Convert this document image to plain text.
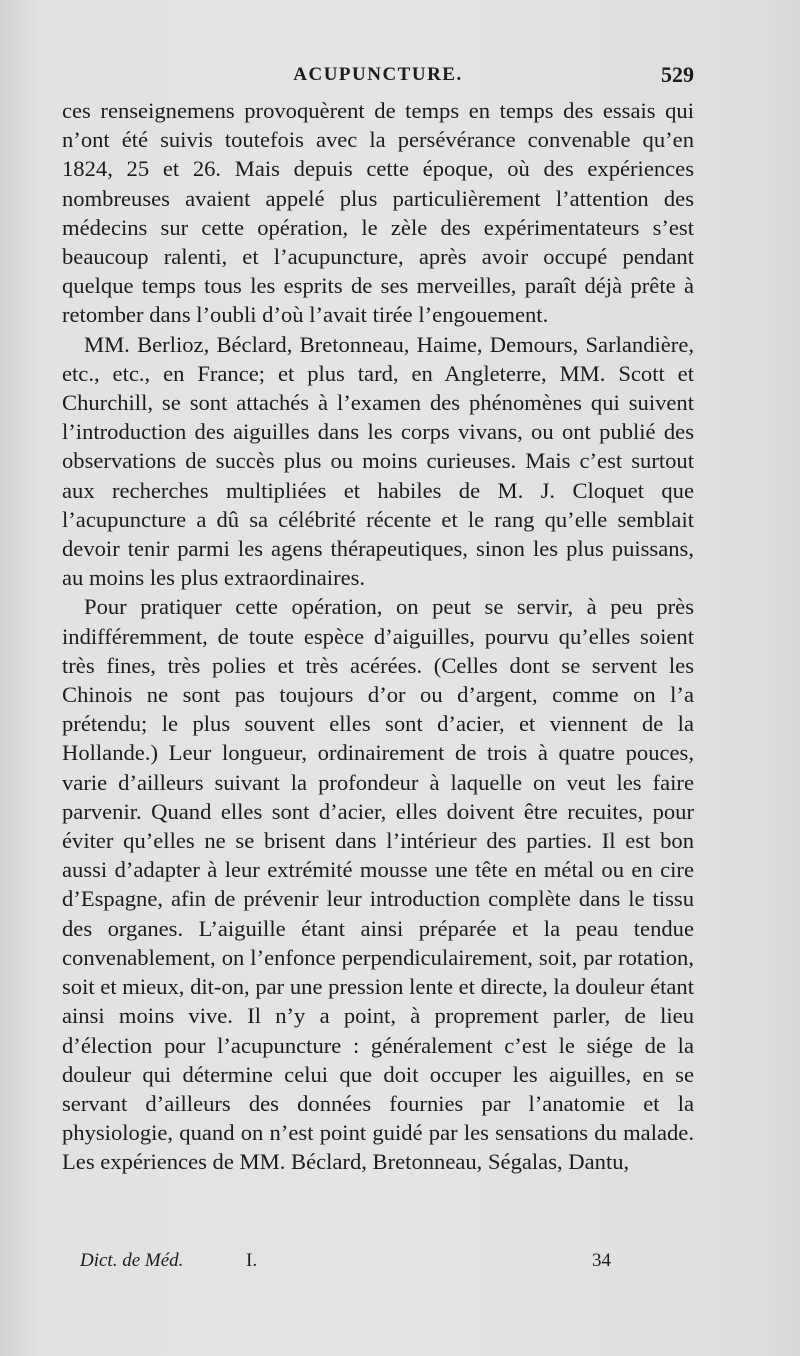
ACUPUNCTURE.	529

ces renseignemens provoquèrent de temps en temps des essais qui n’ont été suivis toutefois avec la persévérance convenable qu’en 1824, 25 et 26. Mais depuis cette époque, où des expériences nombreuses avaient appelé plus particulièrement l’attention des médecins sur cette opération, le zèle des expérimentateurs s’est beaucoup ralenti, et l’acupuncture, après avoir occupé pendant quelque temps tous les esprits de ses merveilles, paraît déjà prête à retomber dans l’oubli d’où l’avait tirée l’engouement.

MM. Berlioz, Béclard, Bretonneau, Haime, Demours, Sarlandière, etc., etc., en France; et plus tard, en Angleterre, MM. Scott et Churchill, se sont attachés à l’examen des phénomènes qui suivent l’introduction des aiguilles dans les corps vivans, ou ont publié des observations de succès plus ou moins curieuses. Mais c’est surtout aux recherches multipliées et habiles de M. J. Cloquet que l’acupuncture a dû sa célébrité récente et le rang qu’elle semblait devoir tenir parmi les agens thérapeutiques, sinon les plus puissans, au moins les plus extraordinaires.

Pour pratiquer cette opération, on peut se servir, à peu près indifféremment, de toute espèce d’aiguilles, pourvu qu’elles soient très fines, très polies et très acérées. (Celles dont se servent les Chinois ne sont pas toujours d’or ou d’argent, comme on l’a prétendu; le plus souvent elles sont d’acier, et viennent de la Hollande.) Leur longueur, ordinairement de trois à quatre pouces, varie d’ailleurs suivant la profondeur à laquelle on veut les faire parvenir. Quand elles sont d’acier, elles doivent être recuites, pour éviter qu’elles ne se brisent dans l’intérieur des parties. Il est bon aussi d’adapter à leur extrémité mousse une tête en métal ou en cire d’Espagne, afin de prévenir leur introduction complète dans le tissu des organes. L’aiguille étant ainsi préparée et la peau tendue convenablement, on l’enfonce perpendiculairement, soit, par rotation, soit et mieux, dit-on, par une pression lente et directe, la douleur étant ainsi moins vive. Il n’y a point, à proprement parler, de lieu d’élection pour l’acupuncture : généralement c’est le siége de la douleur qui détermine celui que doit occuper les aiguilles, en se servant d’ailleurs des données fournies par l’anatomie et la physiologie, quand on n’est point guidé par les sensations du malade. Les expériences de MM. Béclard, Bretonneau, Ségalas, Dantu,

Dict. de Méd.	I.	34
